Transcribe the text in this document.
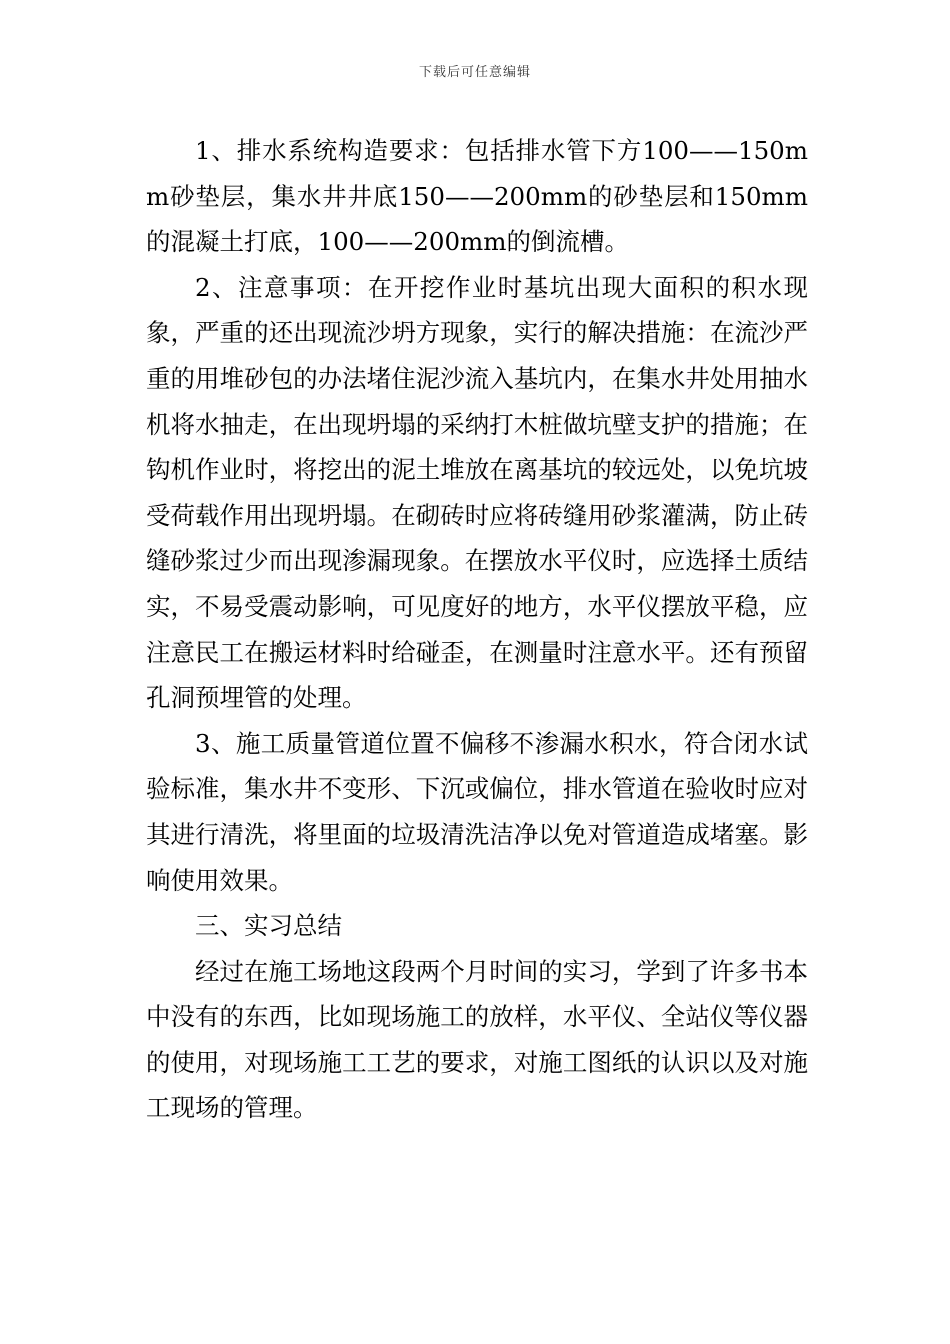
下载后可任意编辑

1、排水系统构造要求：包括排水管下方100——150mm砂垫层，集水井井底150——200mm的砂垫层和150mm的混凝土打底，100——200mm的倒流槽。

2、注意事项：在开挖作业时基坑出现大面积的积水现象，严重的还出现流沙坍方现象，实行的解决措施：在流沙严重的用堆砂包的办法堵住泥沙流入基坑内，在集水井处用抽水机将水抽走，在出现坍塌的采纳打木桩做坑壁支护的措施；在钩机作业时，将挖出的泥土堆放在离基坑的较远处，以免坑坡受荷载作用出现坍塌。在砌砖时应将砖缝用砂浆灌满，防止砖缝砂浆过少而出现渗漏现象。在摆放水平仪时，应选择土质结实，不易受震动影响，可见度好的地方，水平仪摆放平稳，应注意民工在搬运材料时给碰歪，在测量时注意水平。还有预留孔洞预埋管的处理。

3、施工质量管道位置不偏移不渗漏水积水，符合闭水试验标准，集水井不变形、下沉或偏位，排水管道在验收时应对其进行清洗，将里面的垃圾清洗洁净以免对管道造成堵塞。影响使用效果。

三、实习总结

经过在施工场地这段两个月时间的实习，学到了许多书本中没有的东西，比如现场施工的放样，水平仪、全站仪等仪器的使用，对现场施工工艺的要求，对施工图纸的认识以及对施工现场的管理。
